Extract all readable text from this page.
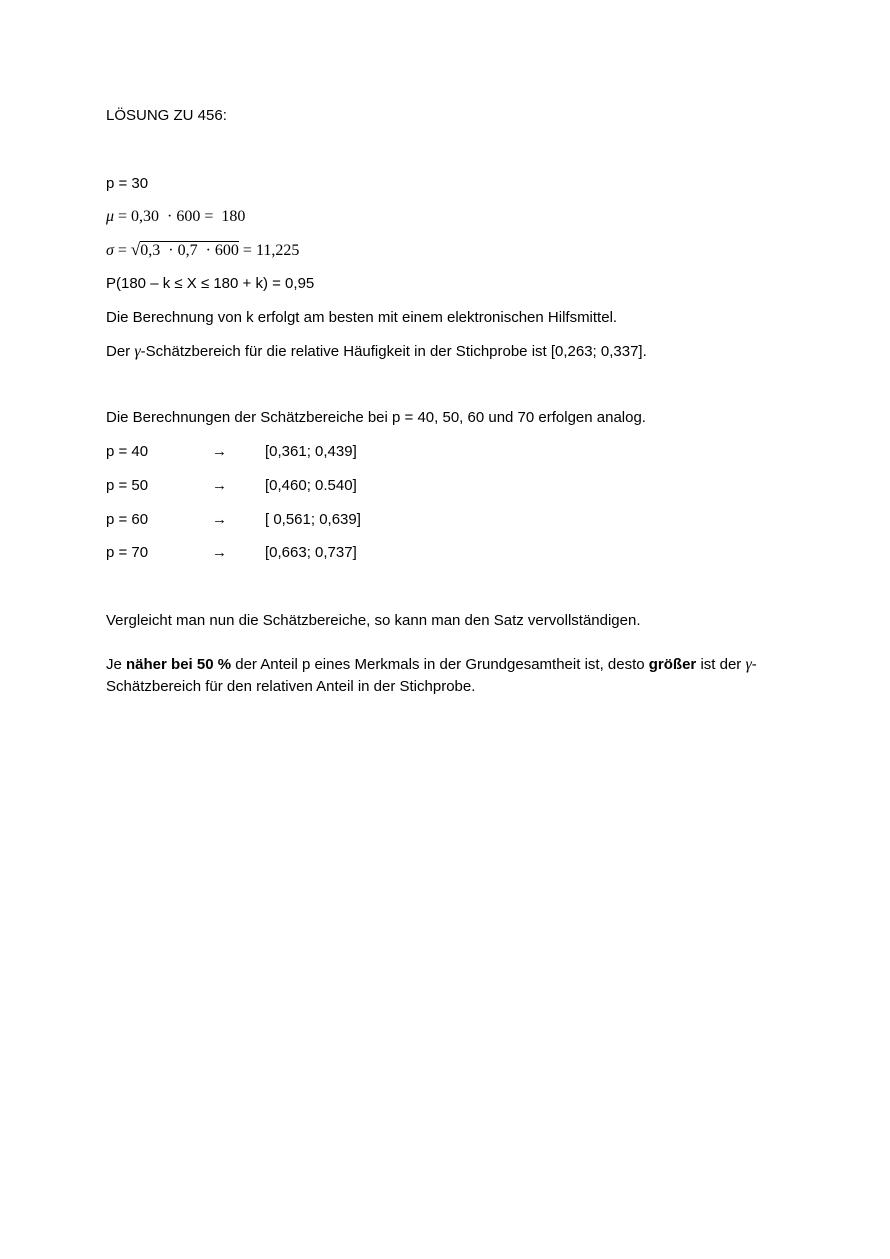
LÖSUNG ZU 456:
p = 30
μ = 0,30  · 600 =  180
σ = √0,3  · 0,7  · 600 = 11,225
P(180 – k ≤ X ≤ 180 + k) = 0,95
Die Berechnung von k erfolgt am besten mit einem elektronischen Hilfsmittel.
Der γ-Schätzbereich für die relative Häufigkeit in der Stichprobe ist [0,263; 0,337].
Die Berechnungen der Schätzbereiche bei p = 40, 50, 60 und 70 erfolgen analog.
p = 40	→	[0,361; 0,439]
p = 50	→	[0,460; 0.540]
p = 60	→	[ 0,561; 0,639]
p = 70	→	[0,663; 0,737]
Vergleicht man nun die Schätzbereiche, so kann man den Satz vervollständigen.
Je näher bei 50 % der Anteil p eines Merkmals in der Grundgesamtheit ist, desto größer ist der γ-
Schätzbereich für den relativen Anteil in der Stichprobe.
